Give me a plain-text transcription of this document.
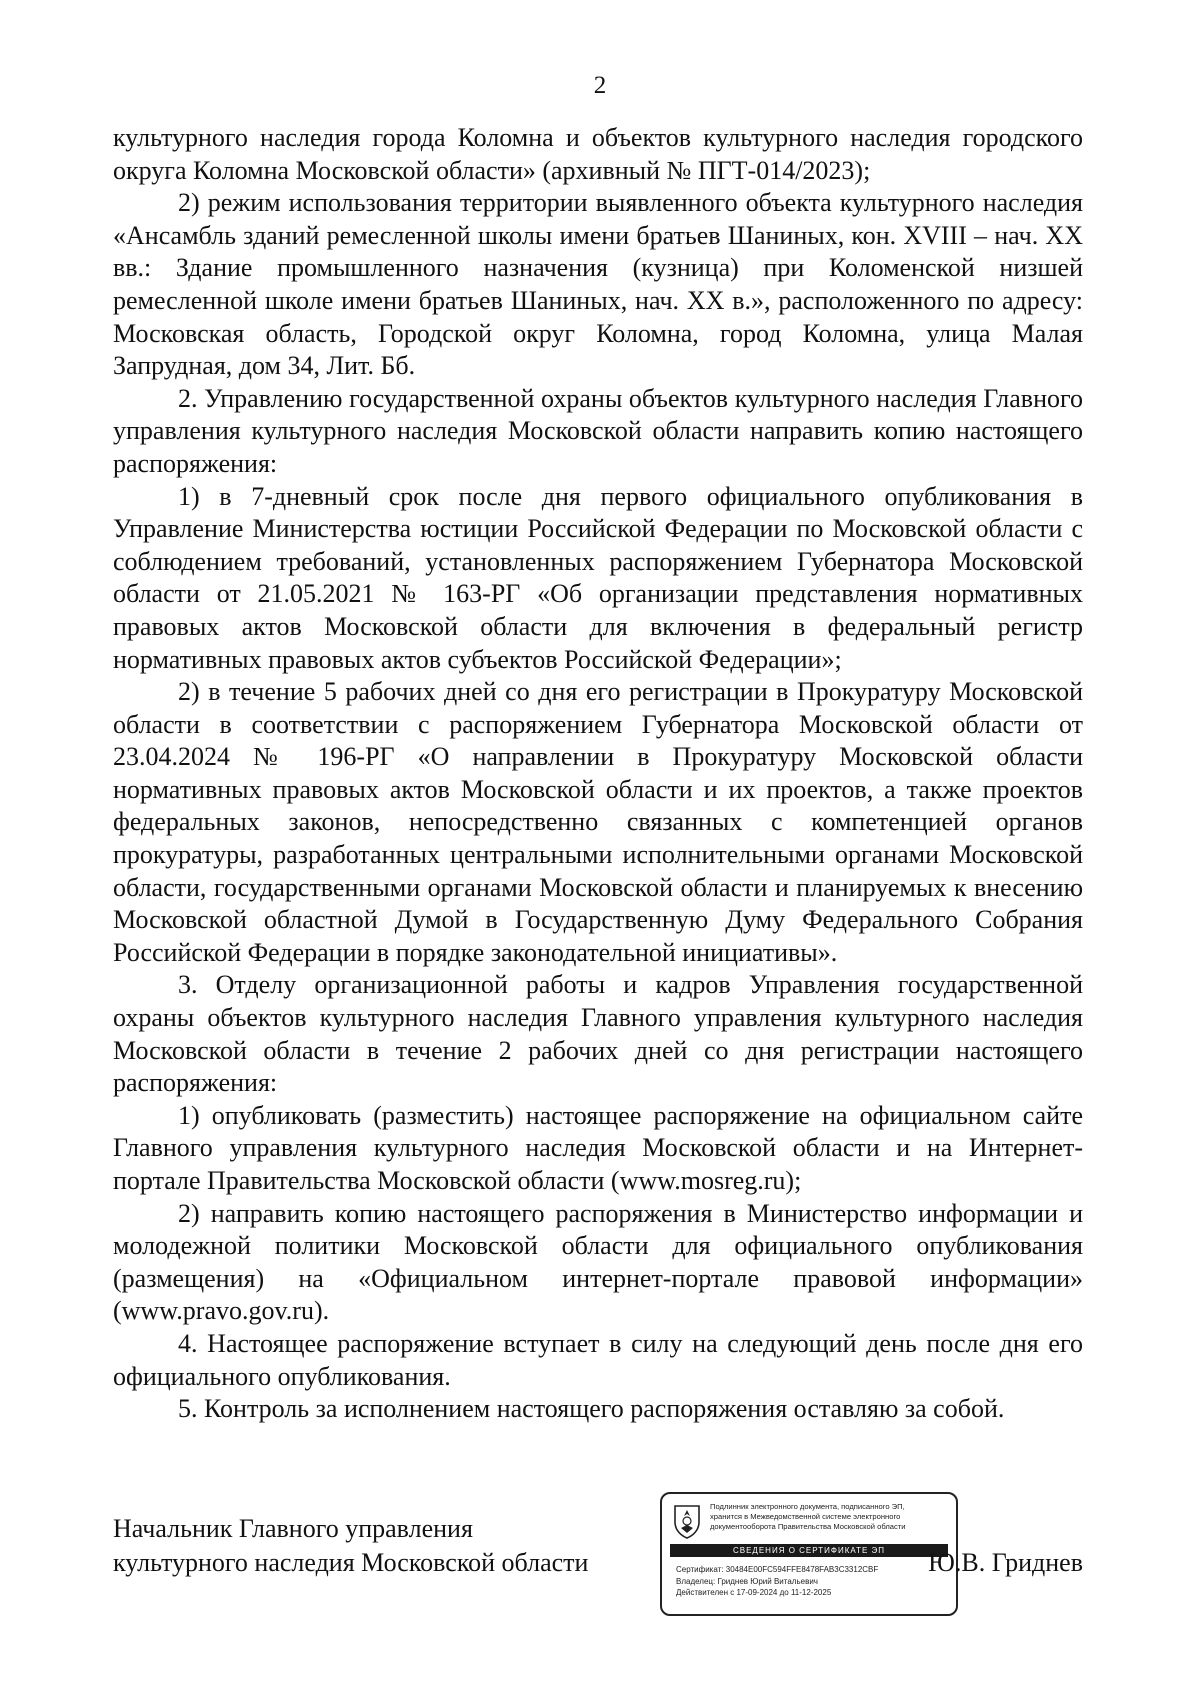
2

культурного наследия города Коломна и объектов культурного наследия городского округа Коломна Московской области» (архивный № ПГТ-014/2023);

2) режим использования территории выявленного объекта культурного наследия «Ансамбль зданий ремесленной школы имени братьев Шаниных, кон. XVIII – нач. XX вв.: Здание промышленного назначения (кузница) при Коломенской низшей ремесленной школе имени братьев Шаниных, нач. XX в.», расположенного по адресу: Московская область, Городской округ Коломна, город Коломна, улица Малая Запрудная, дом 34, Лит. Бб.

2. Управлению государственной охраны объектов культурного наследия Главного управления культурного наследия Московской области направить копию настоящего распоряжения:

1) в 7-дневный срок после дня первого официального опубликования в Управление Министерства юстиции Российской Федерации по Московской области с соблюдением требований, установленных распоряжением Губернатора Московской области от 21.05.2021 № 163-РГ «Об организации представления нормативных правовых актов Московской области для включения в федеральный регистр нормативных правовых актов субъектов Российской Федерации»;

2) в течение 5 рабочих дней со дня его регистрации в Прокуратуру Московской области в соответствии с распоряжением Губернатора Московской области от 23.04.2024 № 196-РГ «О направлении в Прокуратуру Московской области нормативных правовых актов Московской области и их проектов, а также проектов федеральных законов, непосредственно связанных с компетенцией органов прокуратуры, разработанных центральными исполнительными органами Московской области, государственными органами Московской области и планируемых к внесению Московской областной Думой в Государственную Думу Федерального Собрания Российской Федерации в порядке законодательной инициативы».

3. Отделу организационной работы и кадров Управления государственной охраны объектов культурного наследия Главного управления культурного наследия Московской области в течение 2 рабочих дней со дня регистрации настоящего распоряжения:

1) опубликовать (разместить) настоящее распоряжение на официальном сайте Главного управления культурного наследия Московской области и на Интернет-портале Правительства Московской области (www.mosreg.ru);

2) направить копию настоящего распоряжения в Министерство информации и молодежной политики Московской области для официального опубликования (размещения) на «Официальном интернет-портале правовой информации» (www.pravo.gov.ru).

4. Настоящее распоряжение вступает в силу на следующий день после дня его официального опубликования.

5. Контроль за исполнением настоящего распоряжения оставляю за собой.

Начальник Главного управления
культурного наследия Московской области
Подлинник электронного документа, подписанного ЭП,
хранится в Межведомственной системе электронного
документооборота Правительства Московской области
СВЕДЕНИЯ О СЕРТИФИКАТЕ ЭП
Сертификат: 30484E00FC594FFE8478FAB3C3312CBF
Владелец: Гриднев Юрий Витальевич
Действителен с 17-09-2024 до 11-12-2025
Ю.В. Гриднев
